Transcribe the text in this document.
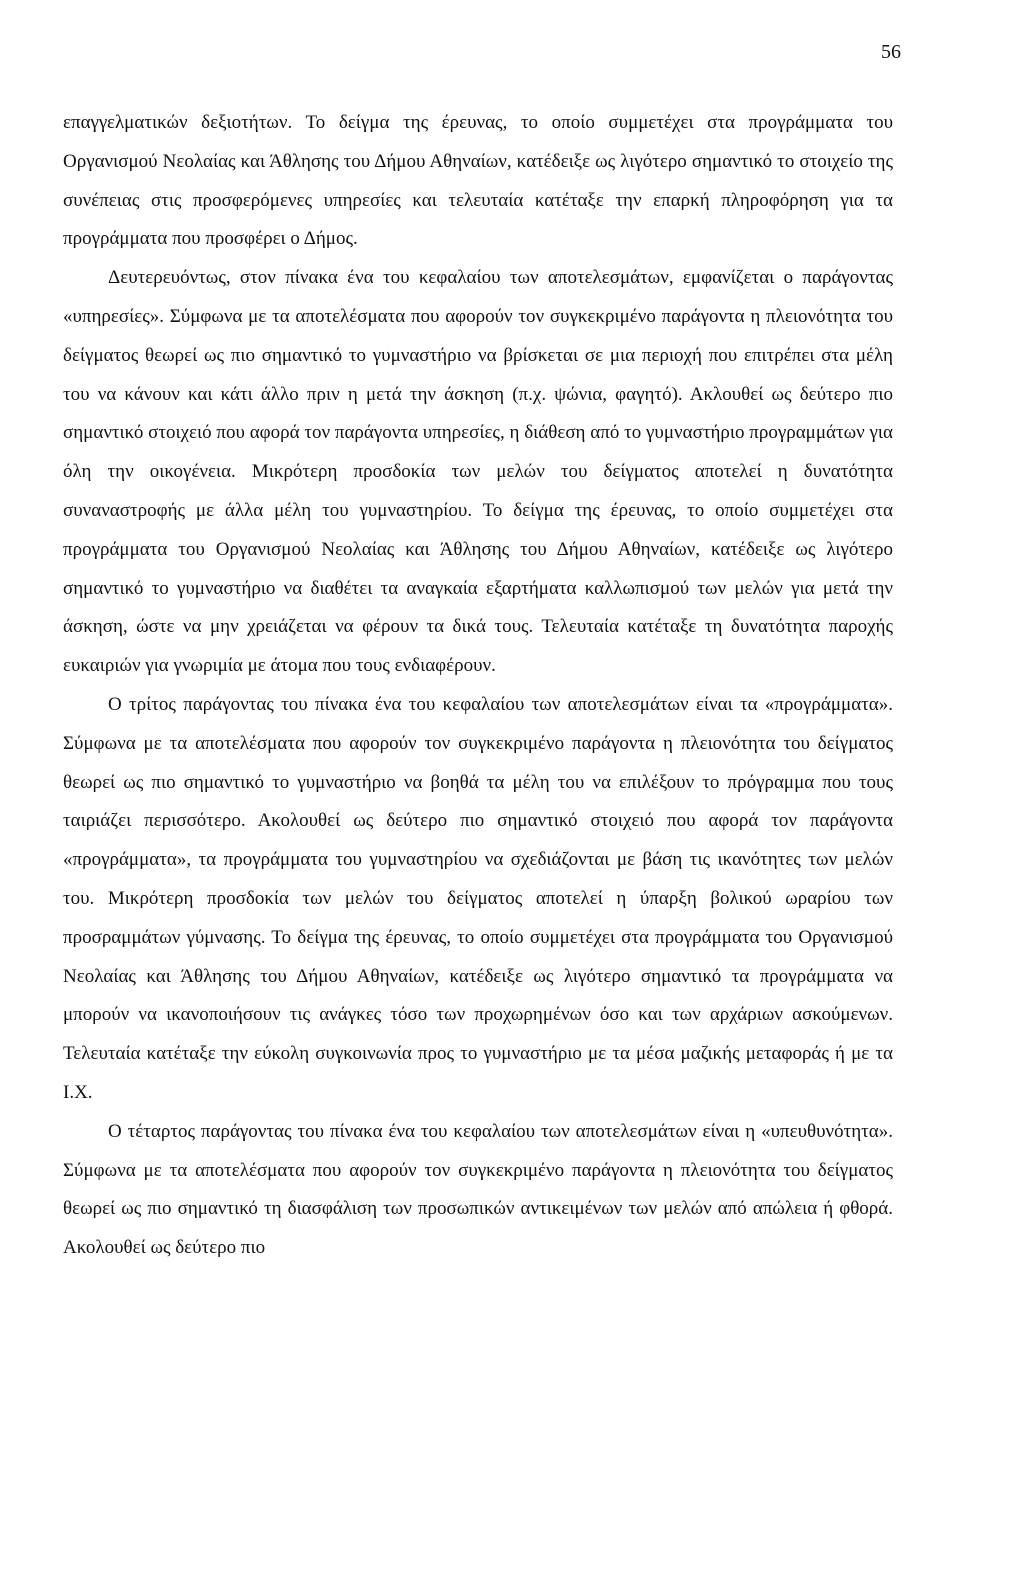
56

επαγγελματικών δεξιοτήτων. Το δείγμα της έρευνας, το οποίο συμμετέχει στα προγράμματα του Οργανισμού Νεολαίας και Άθλησης του Δήμου Αθηναίων, κατέδειξε ως λιγότερο σημαντικό το στοιχείο της συνέπειας στις προσφερόμενες υπηρεσίες και τελευταία κατέταξε την επαρκή πληροφόρηση για τα προγράμματα που προσφέρει ο Δήμος.

Δευτερευόντως, στον πίνακα ένα του κεφαλαίου των αποτελεσμάτων, εμφανίζεται ο παράγοντας «υπηρεσίες». Σύμφωνα με τα αποτελέσματα που αφορούν τον συγκεκριμένο παράγοντα η πλειονότητα του δείγματος θεωρεί ως πιο σημαντικό το γυμναστήριο να βρίσκεται σε μια περιοχή που επιτρέπει στα μέλη του να κάνουν και κάτι άλλο πριν η μετά την άσκηση (π.χ. ψώνια, φαγητό). Ακλουθεί ως δεύτερο πιο σημαντικό στοιχειό που αφορά τον παράγοντα υπηρεσίες, η διάθεση από το γυμναστήριο προγραμμάτων για όλη την οικογένεια. Μικρότερη προσδοκία των μελών του δείγματος αποτελεί η δυνατότητα συναναστροφής με άλλα μέλη του γυμναστηρίου. Το δείγμα της έρευνας, το οποίο συμμετέχει στα προγράμματα του Οργανισμού Νεολαίας και Άθλησης του Δήμου Αθηναίων, κατέδειξε ως λιγότερο σημαντικό το γυμναστήριο να διαθέτει τα αναγκαία εξαρτήματα καλλωπισμού των μελών για μετά την άσκηση, ώστε να μην χρειάζεται να φέρουν τα δικά τους. Τελευταία κατέταξε τη δυνατότητα παροχής ευκαιριών για γνωριμία με άτομα που τους ενδιαφέρουν.

Ο τρίτος παράγοντας του πίνακα ένα του κεφαλαίου των αποτελεσμάτων είναι τα «προγράμματα». Σύμφωνα με τα αποτελέσματα που αφορούν τον συγκεκριμένο παράγοντα η πλειονότητα του δείγματος θεωρεί ως πιο σημαντικό το γυμναστήριο να βοηθά τα μέλη του να επιλέξουν το πρόγραμμα που τους ταιριάζει περισσότερο. Ακολουθεί ως δεύτερο πιο σημαντικό στοιχειό που αφορά τον παράγοντα «προγράμματα», τα προγράμματα του γυμναστηρίου να σχεδιάζονται με βάση τις ικανότητες των μελών του. Μικρότερη προσδοκία των μελών του δείγματος αποτελεί η ύπαρξη βολικού ωραρίου των προσραμμάτων γύμνασης. Το δείγμα της έρευνας, το οποίο συμμετέχει στα προγράμματα του Οργανισμού Νεολαίας και Άθλησης του Δήμου Αθηναίων, κατέδειξε ως λιγότερο σημαντικό τα προγράμματα να μπορούν να ικανοποιήσουν τις ανάγκες τόσο των προχωρημένων όσο και των αρχάριων ασκούμενων. Τελευταία κατέταξε την εύκολη συγκοινωνία προς το γυμναστήριο με τα μέσα μαζικής μεταφοράς ή με τα Ι.Χ.

Ο τέταρτος παράγοντας του πίνακα ένα του κεφαλαίου των αποτελεσμάτων είναι η «υπευθυνότητα». Σύμφωνα με τα αποτελέσματα που αφορούν τον συγκεκριμένο παράγοντα η πλειονότητα του δείγματος θεωρεί ως πιο σημαντικό τη διασφάλιση των προσωπικών αντικειμένων των μελών από απώλεια ή φθορά. Ακολουθεί ως δεύτερο πιο
